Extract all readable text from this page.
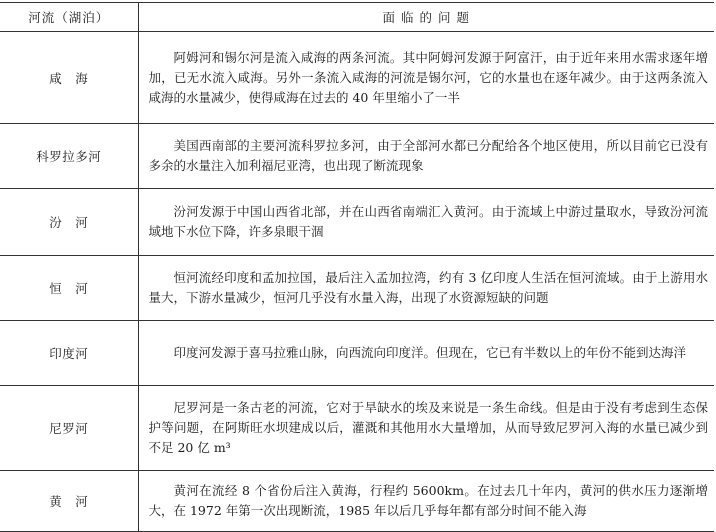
河流（湖泊）	面 临 的 问 题
咸　海	阿姆河和锡尔河是流入咸海的两条河流。其中阿姆河发源于阿富汗，由于近年来用水需求逐年增加，已无水流入咸海。另外一条流入咸海的河流是锡尔河，它的水量也在逐年减少。由于这两条流入咸海的水量减少，使得咸海在过去的 40 年里缩小了一半

科罗拉多河	美国西南部的主要河流科罗拉多河，由于全部河水都已分配给各个地区使用，所以目前它已没有多余的水量注入加利福尼亚湾，也出现了断流现象

汾　河	汾河发源于中国山西省北部，并在山西省南端汇入黄河。由于流域上中游过量取水，导致汾河流域地下水位下降，许多泉眼干涸

恒　河	恒河流经印度和孟加拉国，最后注入孟加拉湾，约有 3 亿印度人生活在恒河流域。由于上游用水量大，下游水量减少，恒河几乎没有水量入海，出现了水资源短缺的问题

印度河	印度河发源于喜马拉雅山脉，向西流向印度洋。但现在，它已有半数以上的年份不能到达海洋

尼罗河	尼罗河是一条古老的河流，它对于旱缺水的埃及来说是一条生命线。但是由于没有考虑到生态保护等问题，在阿斯旺水坝建成以后，灌溉和其他用水大量增加，从而导致尼罗河入海的水量已减少到不足 20 亿 m³

黄　河	黄河在流经 8 个省份后注入黄海，行程约 5600km。在过去几十年内，黄河的供水压力逐渐增大，在 1972 年第一次出现断流，1985 年以后几乎每年都有部分时间不能入海
